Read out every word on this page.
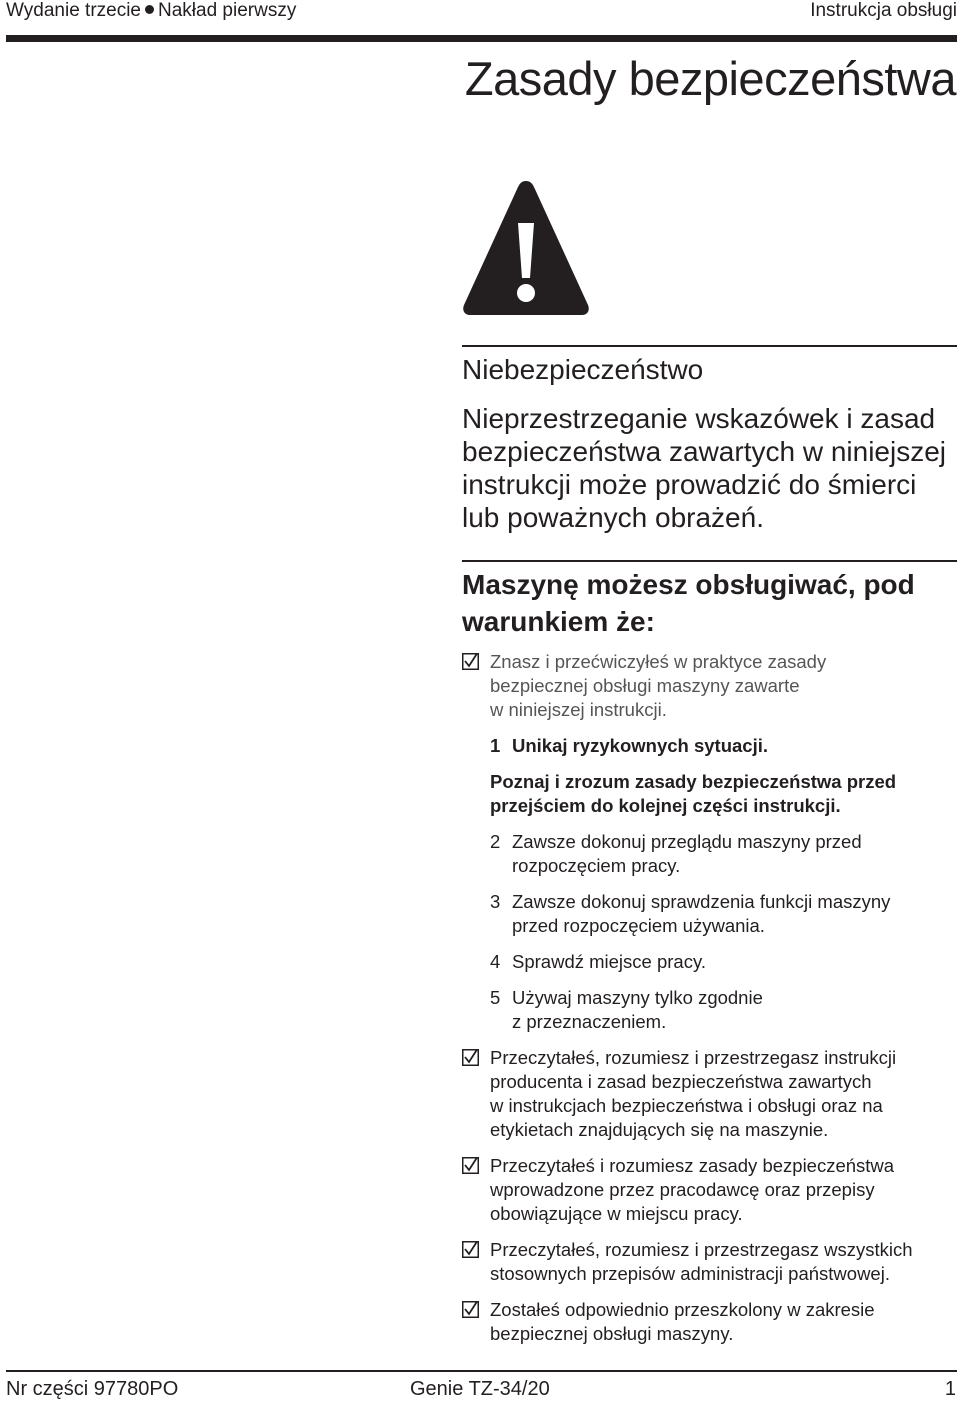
Wydanie trzecie Nakład pierwszy	Instrukcja obsługi
Zasady bezpieczeństwa
Niebezpieczeństwo
Nieprzestrzeganie wskazówek i zasad
bezpieczeństwa zawartych w niniejszej
instrukcji może prowadzić do śmierci
lub poważnych obrażeń.
Maszynę możesz obsługiwać, pod
warunkiem że:
Znasz i przećwiczyłeś w praktyce zasady
bezpiecznej obsługi maszyny zawarte
w niniejszej instrukcji.
1 Unikaj ryzykownych sytuacji.
Poznaj i zrozum zasady bezpieczeństwa przed
przejściem do kolejnej części instrukcji.
2 Zawsze dokonuj przeglądu maszyny przed
rozpoczęciem pracy.
3 Zawsze dokonuj sprawdzenia funkcji maszyny
przed rozpoczęciem używania.
4 Sprawdź miejsce pracy.
5 Używaj maszyny tylko zgodnie
z przeznaczeniem.
Przeczytałeś, rozumiesz i przestrzegasz instrukcji
producenta i zasad bezpieczeństwa zawartych
w instrukcjach bezpieczeństwa i obsługi oraz na
etykietach znajdujących się na maszynie.
Przeczytałeś i rozumiesz zasady bezpieczeństwa
wprowadzone przez pracodawcę oraz przepisy
obowiązujące w miejscu pracy.
Przeczytałeś, rozumiesz i przestrzegasz wszystkich
stosownych przepisów administracji państwowej.
Zostałeś odpowiednio przeszkolony w zakresie
bezpiecznej obsługi maszyny.
Nr części 97780PO	Genie TZ-34/20	1
